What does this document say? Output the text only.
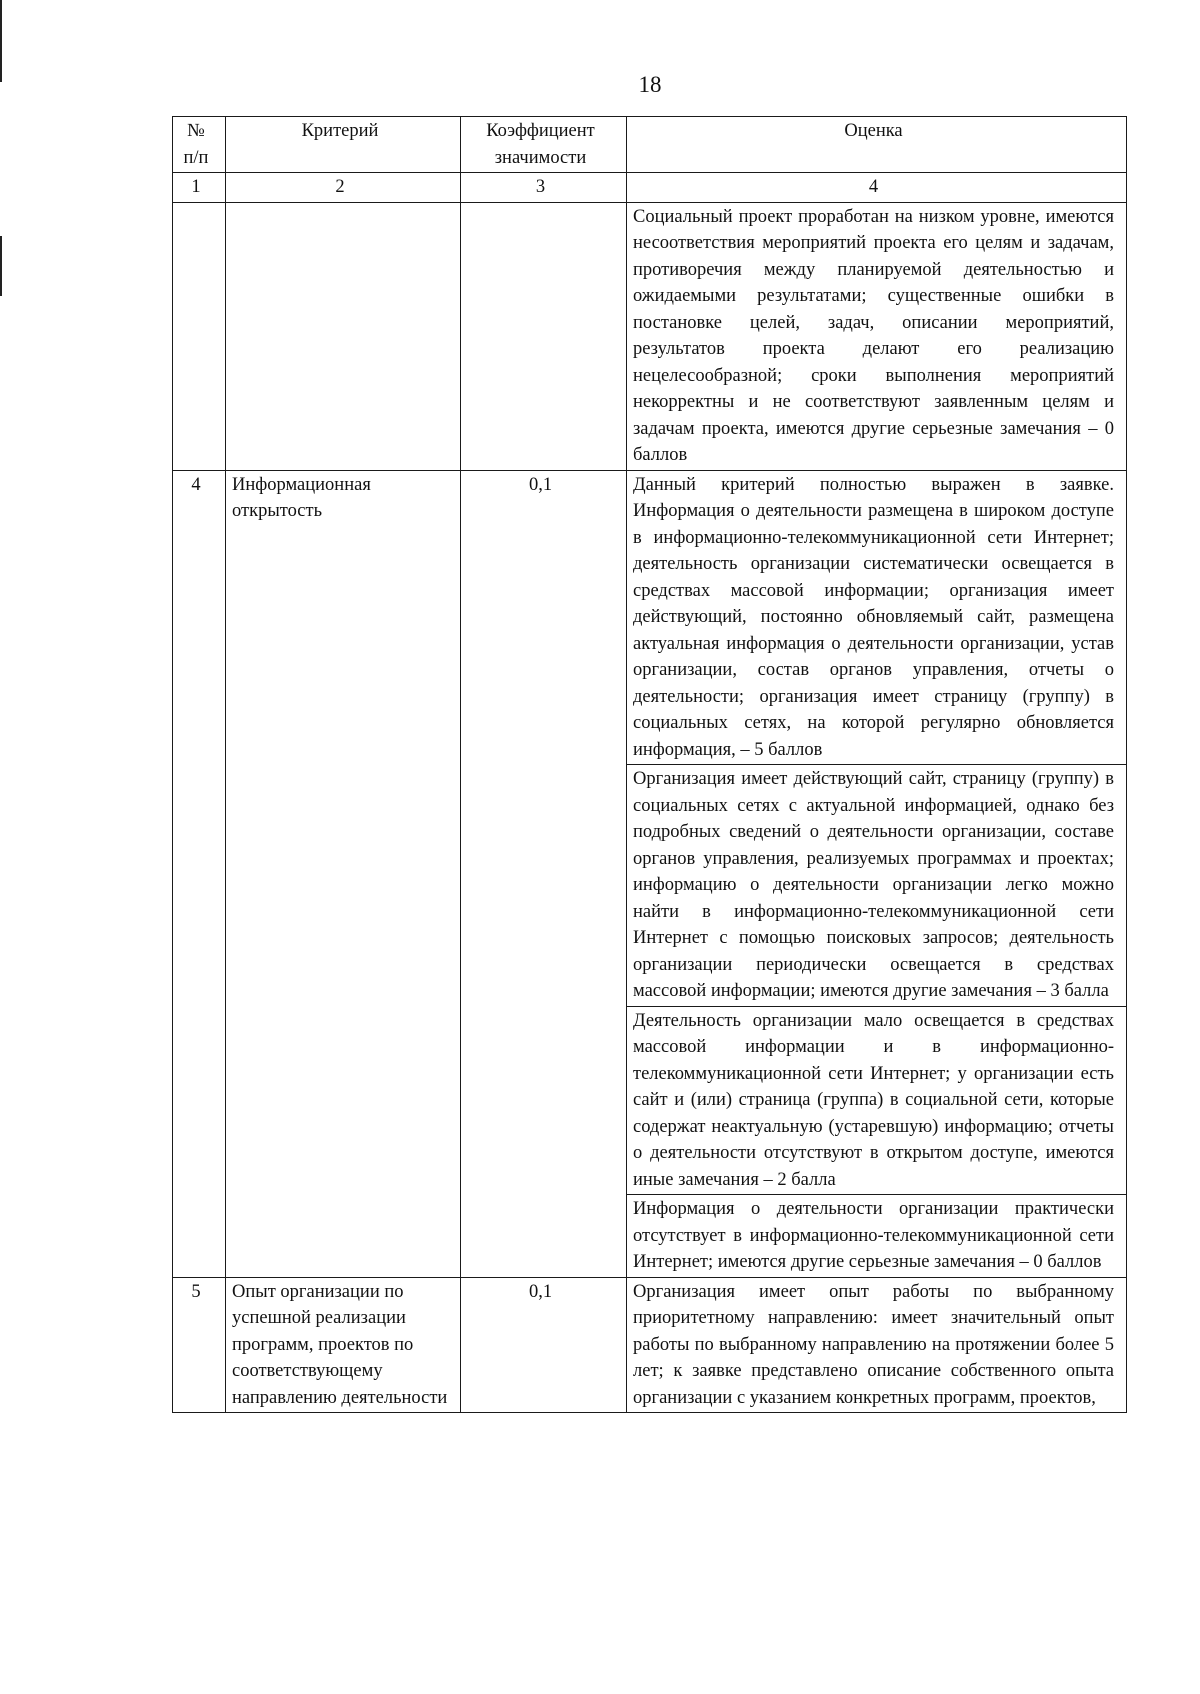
18
№ п/п	Критерий	Коэффициент значимости	Оценка
1	2	3	4
			Социальный проект проработан на низком уровне, имеются несоответствия мероприятий проекта его целям и задачам, противоречия между планируемой деятельностью и ожидаемыми результатами; существенные ошибки в постановке целей, задач, описании мероприятий, результатов проекта делают его реализацию нецелесообразной; сроки выполнения мероприятий некорректны и не соответствуют заявленным целям и задачам проекта, имеются другие серьезные замечания – 0 баллов
4	Информационная открытость	0,1	Данный критерий полностью выражен в заявке. Информация о деятельности размещена в широком доступе в информационно-телекоммуникационной сети Интернет; деятельность организации систематически освещается в средствах массовой информации; организация имеет действующий, постоянно обновляемый сайт, размещена актуальная информация о деятельности организации, устав организации, состав органов управления, отчеты о деятельности; организация имеет страницу (группу) в социальных сетях, на которой регулярно обновляется информация, – 5 баллов
			Организация имеет действующий сайт, страницу (группу) в социальных сетях с актуальной информацией, однако без подробных сведений о деятельности организации, составе органов управления, реализуемых программах и проектах; информацию о деятельности организации легко можно найти в информационно-телекоммуникационной сети Интернет с помощью поисковых запросов; деятельность организации периодически освещается в средствах массовой информации; имеются другие замечания – 3 балла
			Деятельность организации мало освещается в средствах массовой информации и в информационно-телекоммуникационной сети Интернет; у организации есть сайт и (или) страница (группа) в социальной сети, которые содержат неактуальную (устаревшую) информацию; отчеты о деятельности отсутствуют в открытом доступе, имеются иные замечания – 2 балла
			Информация о деятельности организации практически отсутствует в информационно-телекоммуникационной сети Интернет; имеются другие серьезные замечания – 0 баллов
5	Опыт организации по успешной реализации программ, проектов по соответствующему направлению деятельности	0,1	Организация имеет опыт работы по выбранному приоритетному направлению: имеет значительный опыт работы по выбранному направлению на протяжении более 5 лет; к заявке представлено описание собственного опыта организации с указанием конкретных программ, проектов,
